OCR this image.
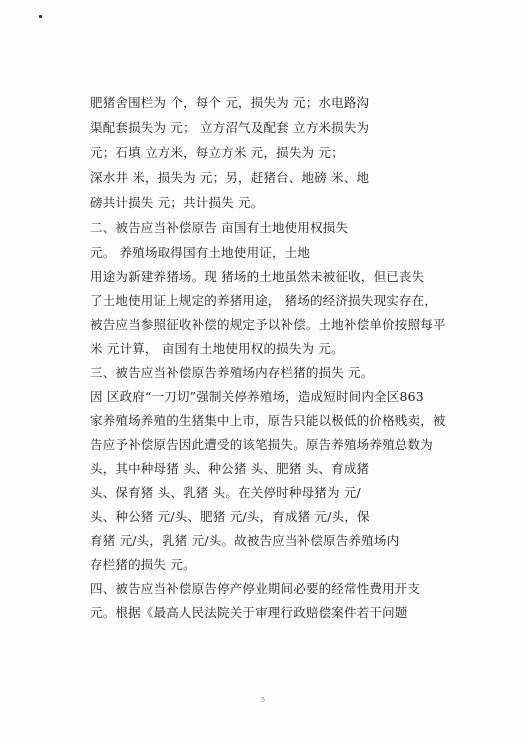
肥猪舍围栏为 个，每个 元，损失为 元；水电路沟
渠配套损失为 元； 立方沼气及配套 立方米损失为
元；石填 立方米，每立方米 元，损失为 元；
深水井 米，损失为 元；另，赶猪台、地磅 米、地
磅共计损失 元；共计损失 元。
二、被告应当补偿原告 亩国有土地使用权损失
元。 养殖场取得国有土地使用证，土地
用途为新建养猪场。现 猪场的土地虽然未被征收，但已丧失
了土地使用证上规定的养猪用途， 猪场的经济损失现实存在，
被告应当参照征收补偿的规定予以补偿。土地补偿单价按照每平
米 元计算， 亩国有土地使用权的损失为 元。
三、被告应当补偿原告养殖场内存栏猪的损失 元。
因 区政府“一刀切”强制关停养殖场，造成短时间内全区863
家养殖场养殖的生猪集中上市，原告只能以极低的价格贱卖，被
告应予补偿原告因此遭受的该笔损失。原告养殖场养殖总数为
头，其中种母猪 头、种公猪 头、肥猪 头、育成猪
头、保育猪 头、乳猪 头。在关停时种母猪为 元/
头、种公猪 元/头、肥猪 元/头，育成猪 元/头，保
育猪 元/头，乳猪 元/头。故被告应当补偿原告养殖场内
存栏猪的损失 元。
四、被告应当补偿原告停产停业期间必要的经常性费用开支
元。根据《最高人民法院关于审理行政赔偿案件若干问题
5
